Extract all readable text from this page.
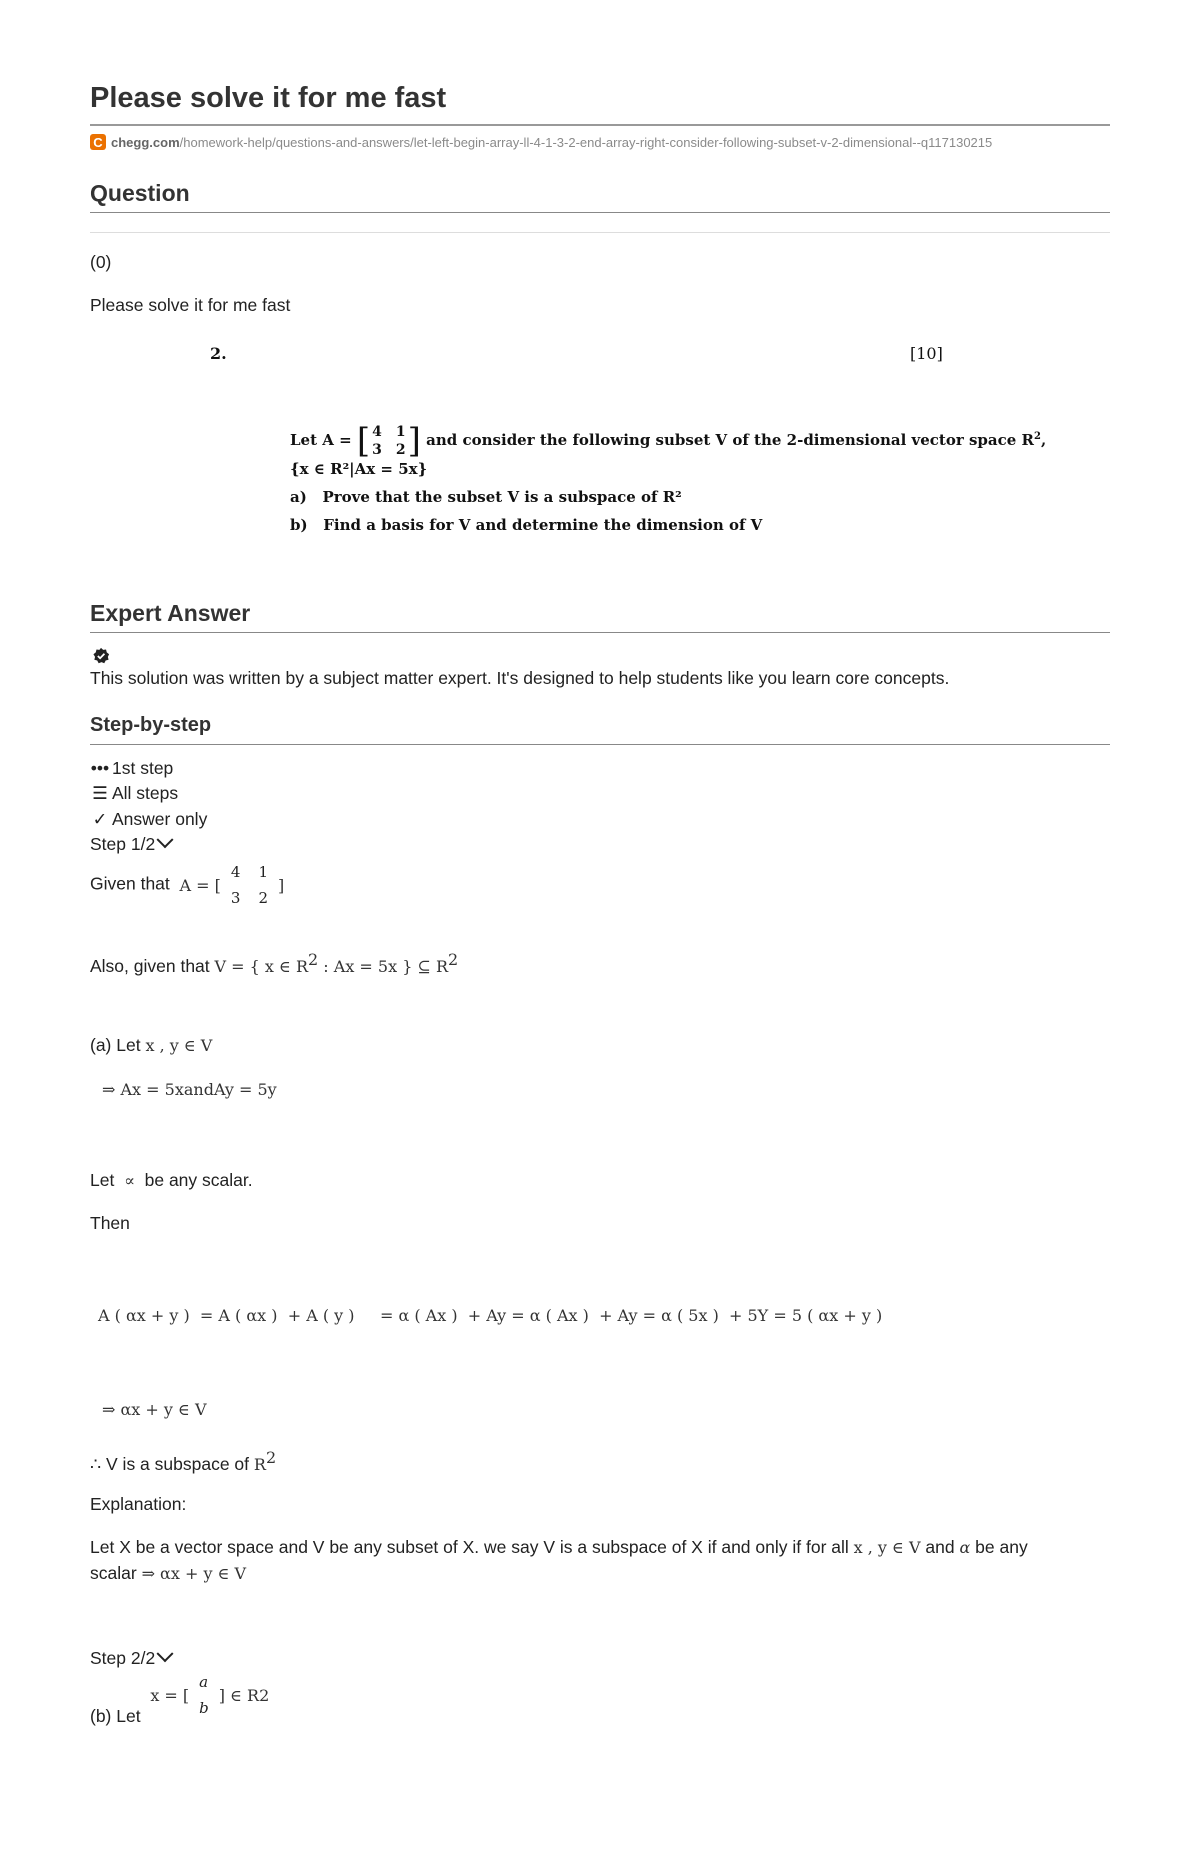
Please solve it for me fast
C chegg.com /homework-help/questions-and-answers/let-left-begin-array-ll-4-1-3-2-end-array-right-consider-following-subset-v-2-dimensional--q117130215
Question
(0)
Please solve it for me fast
2.	[10]
Let A = [ 4 1
3 2 ] and consider the following subset V of the 2-dimensional vector space $R^2$,
{x ∈ R²|Ax = 5x}
a) Prove that the subset V is a subspace of R²
b) Find a basis for V and determine the dimension of V
Expert Answer
This solution was written by a subject matter expert. It's designed to help students like you learn core concepts.
Step-by-step
••• 1st step
☰ All steps
✓ Answer only
Step 1/2
Given that A = [
4 1
3 2
]
Also, given that V = { x ∈ $R^2$ : Ax = 5x } ⊆ $R^2$
(a) Let x , y ∈ V
⇒ Ax = 5xandAy = 5y
Let ∝ be any scalar.
Then
A ( αx + y )  = A ( αx )  + A ( y )     = α ( Ax )  + Ay = α ( Ax )  + Ay = α ( 5x )  + 5Y = 5 ( αx + y )
⇒ αx + y ∈ V
∴ V is a subspace of $R^2$
Explanation:
Let X be a vector space and V be any subset of X. we say V is a subspace of X if and only if for all x , y ∈ V and α be any
scalar ⇒ αx + y ∈ V
Step 2/2
(b) Let
x = [
a
b
] ∈ R 2
